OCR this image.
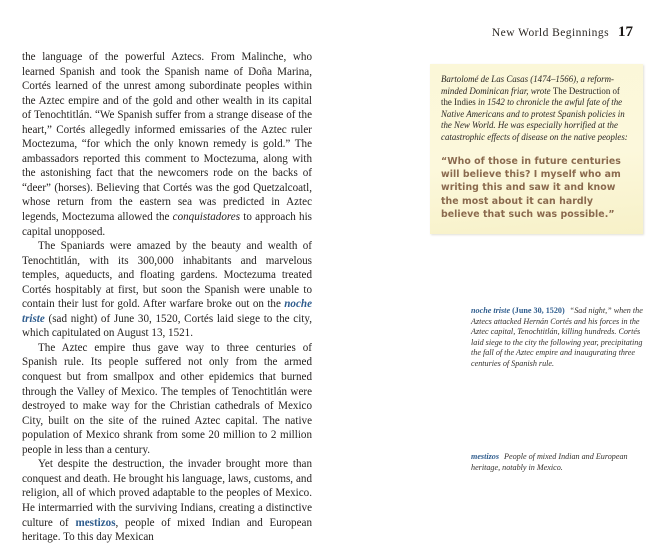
New World Beginnings 17

the language of the powerful Aztecs. From Malinche, who learned Spanish and took the Spanish name of Doña Marina, Cortés learned of the unrest among subordinate peoples within the Aztec empire and of the gold and other wealth in its capital of Tenochtitlán. “We Spanish suffer from a strange disease of the heart,” Cortés allegedly informed emissaries of the Aztec ruler Moctezuma, “for which the only known remedy is gold.” The ambassadors reported this comment to Moctezuma, along with the astonishing fact that the newcomers rode on the backs of “deer” (horses). Believing that Cortés was the god Quetzalcoatl, whose return from the eastern sea was predicted in Aztec legends, Moctezuma allowed the conquistadores to approach his capital unopposed.

The Spaniards were amazed by the beauty and wealth of Tenochtitlán, with its 300,000 inhabitants and marvelous temples, aqueducts, and floating gardens. Moctezuma treated Cortés hospitably at first, but soon the Spanish were unable to contain their lust for gold. After warfare broke out on the noche triste (sad night) of June 30, 1520, Cortés laid siege to the city, which capitulated on August 13, 1521.

The Aztec empire thus gave way to three centuries of Spanish rule. Its people suffered not only from the armed conquest but from smallpox and other epidemics that burned through the Valley of Mexico. The temples of Tenochtitlán were destroyed to make way for the Christian cathedrals of Mexico City, built on the site of the ruined Aztec capital. The native population of Mexico shrank from some 20 million to 2 million people in less than a century.

Yet despite the destruction, the invader brought more than conquest and death. He brought his language, laws, customs, and religion, all of which proved adaptable to the peoples of Mexico. He intermarried with the surviving Indians, creating a distinctive culture of mestizos, people of mixed Indian and European heritage. To this day Mexican

Bartolomé de Las Casas (1474–1566), a reform-minded Dominican friar, wrote The Destruction of the Indies in 1542 to chronicle the awful fate of the Native Americans and to protest Spanish policies in the New World. He was especially horrified at the catastrophic effects of disease on the native peoples:
“Who of those in future centuries will believe this? I myself who am writing this and saw it and know the most about it can hardly believe that such was possible.”
noche triste (June 30, 1520) “Sad night,” when the Aztecs attacked Hernán Cortés and his forces in the Aztec capital, Tenochtitlán, killing hundreds. Cortés laid siege to the city the following year, precipitating the fall of the Aztec empire and inaugurating three centuries of Spanish rule.
mestizos People of mixed Indian and European heritage, notably in Mexico.
